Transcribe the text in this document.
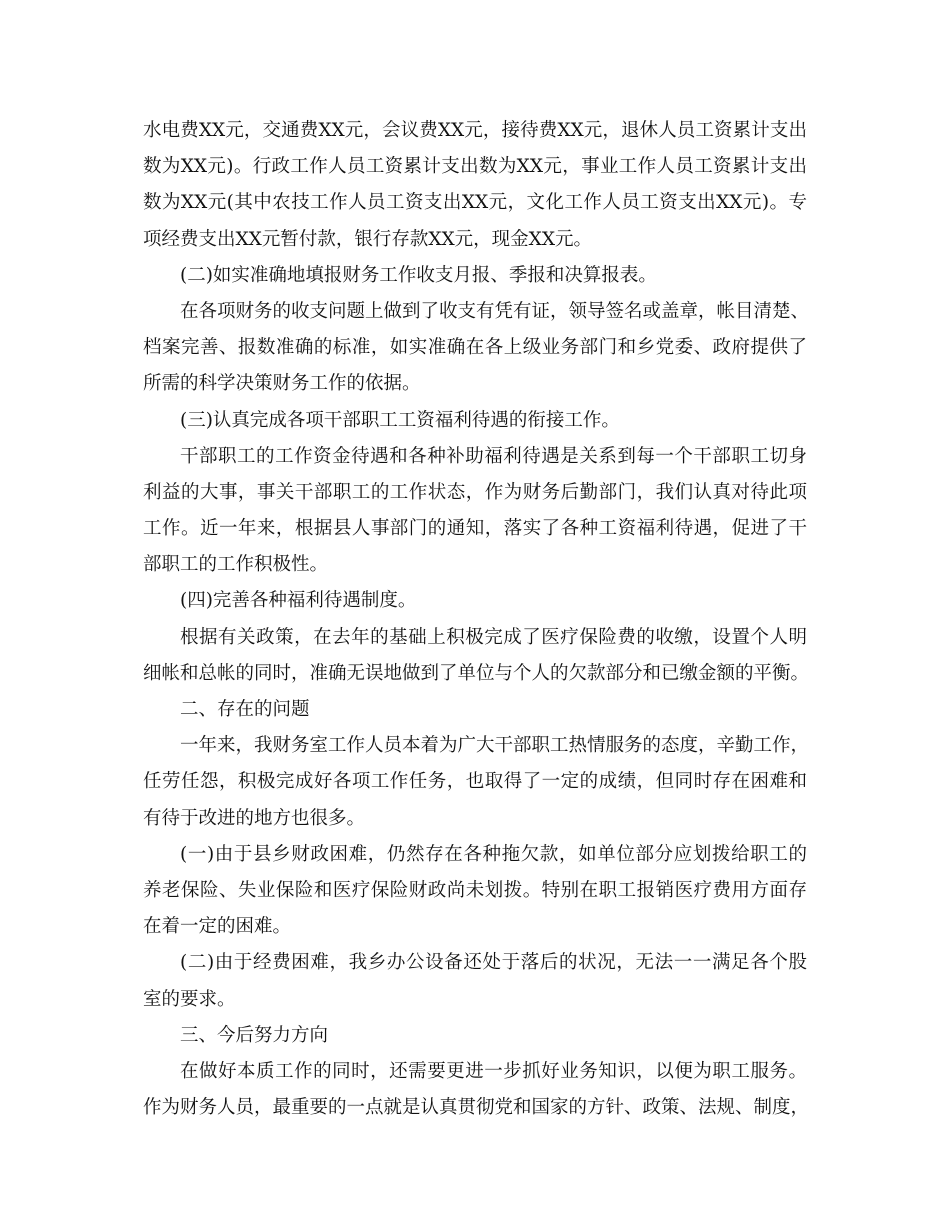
水电费XX元，交通费XX元，会议费XX元，接待费XX元，退休人员工资累计支出
数为XX元)。行政工作人员工资累计支出数为XX元，事业工作人员工资累计支出
数为XX元(其中农技工作人员工资支出XX元，文化工作人员工资支出XX元)。专
项经费支出XX元暂付款，银行存款XX元，现金XX元。
(二)如实准确地填报财务工作收支月报、季报和决算报表。
在各项财务的收支问题上做到了收支有凭有证，领导签名或盖章，帐目清楚、
档案完善、报数准确的标准，如实准确在各上级业务部门和乡党委、政府提供了
所需的科学决策财务工作的依据。
(三)认真完成各项干部职工工资福利待遇的衔接工作。
干部职工的工作资金待遇和各种补助福利待遇是关系到每一个干部职工切身
利益的大事，事关干部职工的工作状态，作为财务后勤部门，我们认真对待此项
工作。近一年来，根据县人事部门的通知，落实了各种工资福利待遇，促进了干
部职工的工作积极性。
(四)完善各种福利待遇制度。
根据有关政策，在去年的基础上积极完成了医疗保险费的收缴，设置个人明
细帐和总帐的同时，准确无误地做到了单位与个人的欠款部分和已缴金额的平衡。
二、存在的问题
一年来，我财务室工作人员本着为广大干部职工热情服务的态度，辛勤工作，
任劳任怨，积极完成好各项工作任务，也取得了一定的成绩，但同时存在困难和
有待于改进的地方也很多。
(一)由于县乡财政困难，仍然存在各种拖欠款，如单位部分应划拨给职工的
养老保险、失业保险和医疗保险财政尚未划拨。特别在职工报销医疗费用方面存
在着一定的困难。
(二)由于经费困难，我乡办公设备还处于落后的状况，无法一一满足各个股
室的要求。
三、今后努力方向
在做好本质工作的同时，还需要更进一步抓好业务知识，以便为职工服务。
作为财务人员，最重要的一点就是认真贯彻党和国家的方针、政策、法规、制度，
